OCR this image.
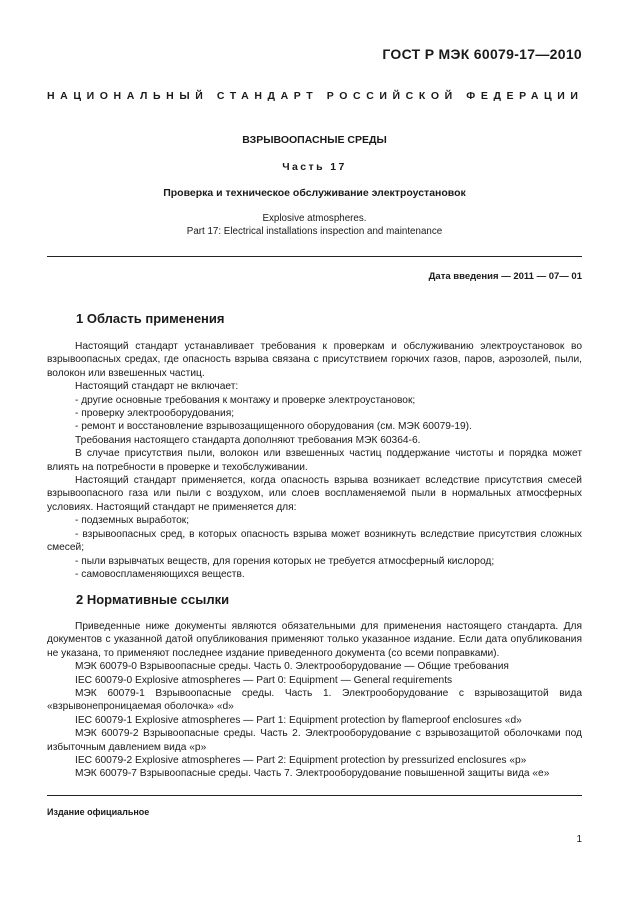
ГОСТ Р МЭК 60079-17—2010
НАЦИОНАЛЬНЫЙ СТАНДАРТ РОССИЙСКОЙ ФЕДЕРАЦИИ
ВЗРЫВООПАСНЫЕ СРЕДЫ
Часть 17
Проверка и техническое обслуживание электроустановок
Explosive atmospheres.
Part 17: Electrical installations inspection and maintenance
Дата введения — 2011 — 07— 01
1 Область применения

Настоящий стандарт устанавливает требования к проверкам и обслуживанию электроустановок во взрывоопасных средах, где опасность взрыва связана с присутствием горючих газов, паров, аэрозолей, пыли, волокон или взвешенных частиц.

Настоящий стандарт не включает:

- другие основные требования к монтажу и проверке электроустановок;

- проверку электрооборудования;

- ремонт и восстановление взрывозащищенного оборудования (см. МЭК 60079-19).

Требования настоящего стандарта дополняют требования МЭК 60364-6.

В случае присутствия пыли, волокон или взвешенных частиц поддержание чистоты и порядка может влиять на потребности в проверке и техобслуживании.

Настоящий стандарт применяется, когда опасность взрыва возникает вследствие присутствия смесей взрывоопасного газа или пыли с воздухом, или слоев воспламеняемой пыли в нормальных атмосферных условиях. Настоящий стандарт не применяется для:

- подземных выработок;

- взрывоопасных сред, в которых опасность взрыва может возникнуть вследствие присутствия сложных смесей;

- пыли взрывчатых веществ, для горения которых не требуется атмосферный кислород;

- самовоспламеняющихся веществ.

2 Нормативные ссылки

Приведенные ниже документы являются обязательными для применения настоящего стандарта. Для документов с указанной датой опубликования применяют только указанное издание. Если дата опубликования не указана, то применяют последнее издание приведенного документа (со всеми поправками).

МЭК 60079-0 Взрывоопасные среды. Часть 0. Электрооборудование — Общие требования

IEC 60079-0 Explosive atmospheres — Part 0: Equipment — General requirements

МЭК 60079-1 Взрывоопасные среды. Часть 1. Электрооборудование с взрывозащитой вида «взрывонепроницаемая оболочка» «d»

IEC 60079-1 Explosive atmospheres — Part 1: Equipment protection by flameproof enclosures «d»

МЭК 60079-2 Взрывоопасные среды. Часть 2. Электрооборудование с взрывозащитой оболочками под избыточным давлением вида «p»

IEC 60079-2 Explosive atmospheres — Part 2: Equipment protection by pressurized enclosures «p»

МЭК 60079-7 Взрывоопасные среды. Часть 7. Электрооборудование повышенной защиты вида «e»

Издание официальное
1
